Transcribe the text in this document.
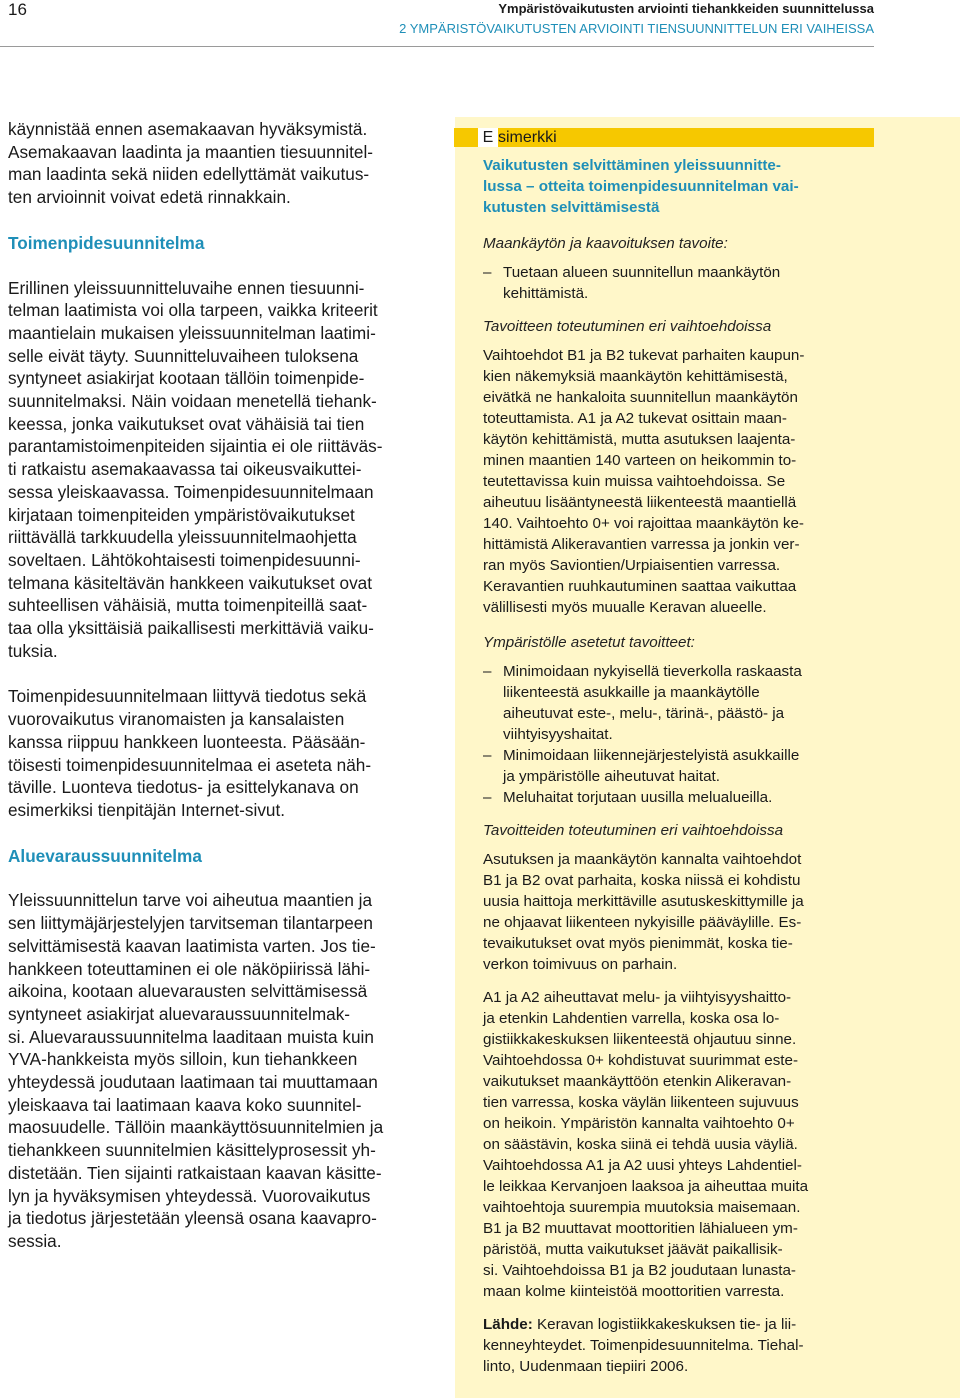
16	Ympäristövaikutusten arviointi tiehankkeiden suunnittelussa
2 YMPÄRISTÖVAIKUTUSTEN ARVIOINTI TIENSUUNNITTELUN ERI VAIHEISSA

käynnistää ennen asemakaavan hyväksymistä.
Asemakaavan laadinta ja maantien tiesuunnitel-
man laadinta sekä niiden edellyttämät vaikutus-
ten arvioinnit voivat edetä rinnakkain.

Toimenpidesuunnitelma

Erillinen yleissuunnitteluvaihe ennen tiesuunni-
telman laatimista voi olla tarpeen, vaikka kriteerit
maantielain mukaisen yleissuunnitelman laatimi-
selle eivät täyty. Suunnitteluvaiheen tuloksena
syntyneet asiakirjat kootaan tällöin toimenpide-
suunnitelmaksi. Näin voidaan menetellä tiehank-
keessa, jonka vaikutukset ovat vähäisiä tai tien
parantamistoimenpiteiden sijaintia ei ole riittäväs-
ti ratkaistu asemakaavassa tai oikeusvaikuttei-
sessa yleiskaavassa. Toimenpidesuunnitelmaan
kirjataan toimenpiteiden ympäristövaikutukset
riittävällä tarkkuudella yleissuunnitelmaohjetta
soveltaen. Lähtökohtaisesti toimenpidesuunni-
telmana käsiteltävän hankkeen vaikutukset ovat
suhteellisen vähäisiä, mutta toimenpiteillä saat-
taa olla yksittäisiä paikallisesti merkittäviä vaiku-
tuksia.

Toimenpidesuunnitelmaan liittyvä tiedotus sekä
vuorovaikutus viranomaisten ja kansalaisten
kanssa riippuu hankkeen luonteesta. Pääsään-
töisesti toimenpidesuunnitelmaa ei aseteta näh-
täville. Luonteva tiedotus- ja esittelykanava on
esimerkiksi tienpitäjän Internet-sivut.

Aluevaraussuunnitelma

Yleissuunnittelun tarve voi aiheutua maantien ja
sen liittymäjärjestelyjen tarvitseman tilantarpeen
selvittämisestä kaavan laatimista varten. Jos tie-
hankkeen toteuttaminen ei ole näköpiirissä lähi-
aikoina, kootaan aluevarausten selvittämisessä
syntyneet asiakirjat aluevaraussuunnitelmak-
si. Aluevaraussuunnitelma laaditaan muista kuin
YVA-hankkeista myös silloin, kun tiehankkeen
yhteydessä joudutaan laatimaan tai muuttamaan
yleiskaava tai laatimaan kaava koko suunnitel-
maosuudelle. Tällöin maankäyttösuunnitelmien ja
tiehankkeen suunnitelmien käsittelyprosessit yh-
distetään. Tien sijainti ratkaistaan kaavan käsitte-
lyn ja hyväksymisen yhteydessä. Vuorovaikutus
ja tiedotus järjestetään yleensä osana kaavapro-
sessia.

E simerkki
Vaikutusten selvittäminen yleissuunnitte-
lussa – otteita toimenpidesuunnitelman vai-
kutusten selvittämisestä
Maankäytön ja kaavoituksen tavoite:
– Tuetaan alueen suunnitellun maankäytön
kehittämistä.
Tavoitteen toteutuminen eri vaihtoehdoissa

Vaihtoehdot B1 ja B2 tukevat parhaiten kaupun-
kien näkemyksiä maankäytön kehittämisestä,
eivätkä ne hankaloita suunnitellun maankäytön
toteuttamista. A1 ja A2 tukevat osittain maan-
käytön kehittämistä, mutta asutuksen laajenta-
minen maantien 140 varteen on heikommin to-
teutettavissa kuin muissa vaihtoehdoissa. Se
aiheutuu lisääntyneestä liikenteestä maantiellä
140. Vaihtoehto 0+ voi rajoittaa maankäytön ke-
hittämistä Alikeravantien varressa ja jonkin ver-
ran myös Saviontien/Urpiaisentien varressa.
Keravantien ruuhkautuminen saattaa vaikuttaa
välillisesti myös muualle Keravan alueelle.

Ympäristölle asetetut tavoitteet:
– Minimoidaan nykyisellä tieverkolla raskaasta
liikenteestä asukkaille ja maankäytölle
aiheutuvat este-, melu-, tärinä-, päästö- ja
viihtyisyyshaitat.
– Minimoidaan liikennejärjestelyistä asukkaille
ja ympäristölle aiheutuvat haitat.
– Meluhaitat torjutaan uusilla melualueilla.
Tavoitteiden toteutuminen eri vaihtoehdoissa

Asutuksen ja maankäytön kannalta vaihtoehdot
B1 ja B2 ovat parhaita, koska niissä ei kohdistu
uusia haittoja merkittäville asutuskeskittymille ja
ne ohjaavat liikenteen nykyisille pääväylille. Es-
tevaikutukset ovat myös pienimmät, koska tie-
verkon toimivuus on parhain.

A1 ja A2 aiheuttavat melu- ja viihtyisyyshaitto-
ja etenkin Lahdentien varrella, koska osa lo-
gistiikkakeskuksen liikenteestä ohjautuu sinne.
Vaihtoehdossa 0+ kohdistuvat suurimmat este-
vaikutukset maankäyttöön etenkin Alikeravan-
tien varressa, koska väylän liikenteen sujuvuus
on heikoin. Ympäristön kannalta vaihtoehto 0+
on säästävin, koska siinä ei tehdä uusia väyliä.
Vaihtoehdossa A1 ja A2 uusi yhteys Lahdentiel-
le leikkaa Kervanjoen laaksoa ja aiheuttaa muita
vaihtoehtoja suurempia muutoksia maisemaan.
B1 ja B2 muuttavat moottoritien lähialueen ym-
päristöä, mutta vaikutukset jäävät paikallisik-
si. Vaihtoehdoissa B1 ja B2 joudutaan lunasta-
maan kolme kiinteistöä moottoritien varresta.

Lähde: Keravan logistiikkakeskuksen tie- ja lii-
kenneyhteydet. Toimenpidesuunnitelma. Tiehal-
linto, Uudenmaan tiepiiri 2006.
